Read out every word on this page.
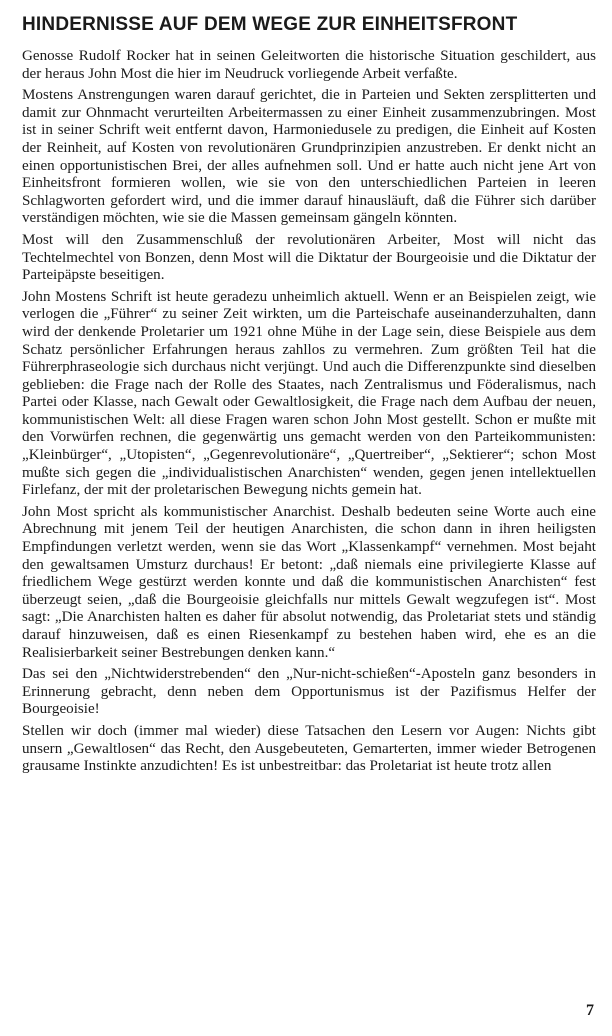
HINDERNISSE AUF DEM WEGE ZUR EINHEITSFRONT

Genosse Rudolf Rocker hat in seinen Geleitworten die historische Situation geschildert, aus der heraus John Most die hier im Neudruck vorliegende Arbeit verfaßte.

Mostens Anstrengungen waren darauf gerichtet, die in Parteien und Sekten zersplitterten und damit zur Ohnmacht verurteilten Arbeitermassen zu einer Einheit zusammenzubringen. Most ist in seiner Schrift weit entfernt davon, Harmoniedusele zu predigen, die Einheit auf Kosten der Reinheit, auf Kosten von revolutionären Grundprinzipien anzustreben. Er denkt nicht an einen opportunistischen Brei, der alles aufnehmen soll. Und er hatte auch nicht jene Art von Einheitsfront formieren wollen, wie sie von den unterschiedlichen Parteien in leeren Schlagworten gefordert wird, und die immer darauf hinausläuft, daß die Führer sich darüber verständigen möchten, wie sie die Massen gemeinsam gängeln könnten.

Most will den Zusammenschluß der revolutionären Arbeiter, Most will nicht das Techtelmechtel von Bonzen, denn Most will die Diktatur der Bourgeoisie und die Diktatur der Parteipäpste beseitigen.

John Mostens Schrift ist heute geradezu unheimlich aktuell. Wenn er an Beispielen zeigt, wie verlogen die „Führer“ zu seiner Zeit wirkten, um die Parteischafe auseinanderzuhalten, dann wird der denkende Proletarier um 1921 ohne Mühe in der Lage sein, diese Beispiele aus dem Schatz persönlicher Erfahrungen heraus zahllos zu vermehren. Zum größten Teil hat die Führerphraseologie sich durchaus nicht verjüngt. Und auch die Differenzpunkte sind dieselben geblieben: die Frage nach der Rolle des Staates, nach Zentralismus und Föderalismus, nach Partei oder Klasse, nach Gewalt oder Gewaltlosigkeit, die Frage nach dem Aufbau der neuen, kommunistischen Welt: all diese Fragen waren schon John Most gestellt. Schon er mußte mit den Vorwürfen rechnen, die gegenwärtig uns gemacht werden von den Parteikommunisten: „Kleinbürger“, „Utopisten“, „Gegenrevolutionäre“, „Quertreiber“, „Sektierer“; schon Most mußte sich gegen die „individualistischen Anarchisten“ wenden, gegen jenen intellektuellen Firlefanz, der mit der proletarischen Bewegung nichts gemein hat.

John Most spricht als kommunistischer Anarchist. Deshalb bedeuten seine Worte auch eine Abrechnung mit jenem Teil der heutigen Anarchisten, die schon dann in ihren heiligsten Empfindungen verletzt werden, wenn sie das Wort „Klassenkampf“ vernehmen. Most bejaht den gewaltsamen Umsturz durchaus! Er betont: „daß niemals eine privilegierte Klasse auf friedlichem Wege gestürzt werden konnte und daß die kommunistischen Anarchisten“ fest überzeugt seien, „daß die Bourgeoisie gleichfalls nur mittels Gewalt wegzufegen ist“. Most sagt: „Die Anarchisten halten es daher für absolut notwendig, das Proletariat stets und ständig darauf hinzuweisen, daß es einen Riesenkampf zu bestehen haben wird, ehe es an die Realisierbarkeit seiner Bestrebungen denken kann.“

Das sei den „Nichtwiderstrebenden“ den „Nur-nicht-schießen“-Aposteln ganz besonders in Erinnerung gebracht, denn neben dem Opportunismus ist der Pazifismus Helfer der Bourgeoisie!

Stellen wir doch (immer mal wieder) diese Tatsachen den Lesern vor Augen: Nichts gibt unsern „Gewaltlosen“ das Recht, den Ausgebeuteten, Gemarterten, immer wieder Betrogenen grausame Instinkte anzudichten! Es ist unbestreitbar: das Proletariat ist heute trotz allen

7
